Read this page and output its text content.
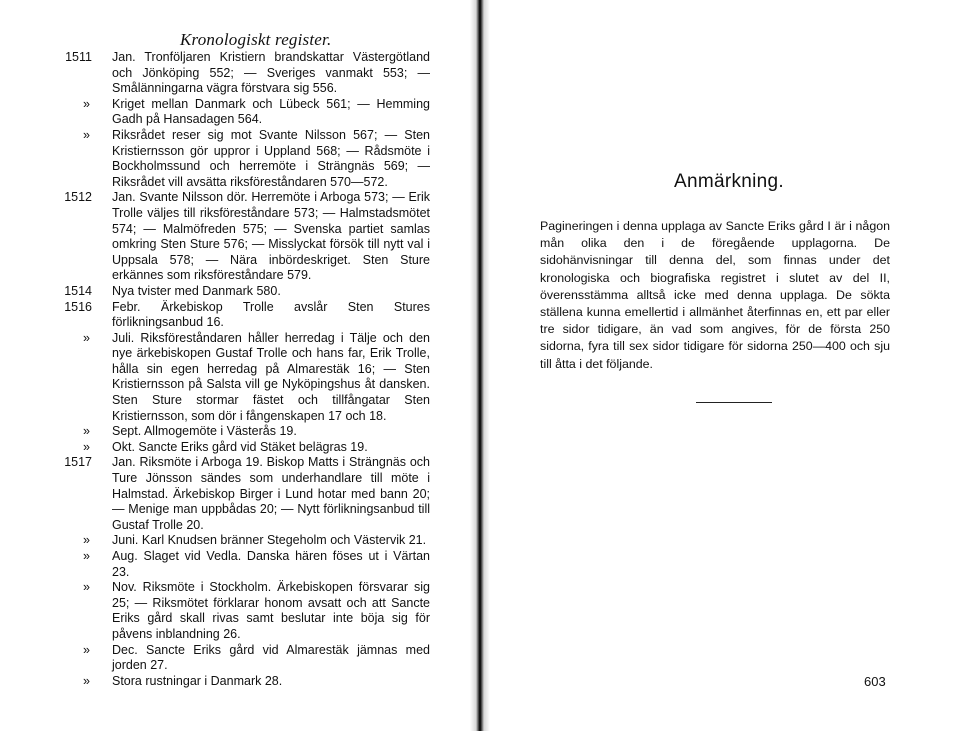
Kronologiskt register.
1511	Jan. Tronföljaren Kristiern brandskattar Västergötland och Jönköping 552; — Sveriges vanmakt 553; — Smålänningarna vägra förstvara sig 556.
»	Kriget mellan Danmark och Lübeck 561; — Hemming Gadh på Hansadagen 564.
»	Riksrådet reser sig mot Svante Nilsson 567; — Sten Kristiernsson gör uppror i Uppland 568; — Rådsmöte i Bockholmssund och herremöte i Strängnäs 569; — Riksrådet vill avsätta riksföreståndaren 570—572.
1512	Jan. Svante Nilsson dör. Herremöte i Arboga 573; — Erik Trolle väljes till riksföreståndare 573; — Halmstadsmötet 574; — Malmöfreden 575; — Svenska partiet samlas omkring Sten Sture 576; — Misslyckat försök till nytt val i Uppsala 578; — Nära inbördeskriget. Sten Sture erkännes som riksföreståndare 579.
1514	Nya tvister med Danmark 580.
1516	Febr. Ärkebiskop Trolle avslår Sten Stures förlikningsanbud 16.
»	Juli. Riksföreståndaren håller herredag i Tälje och den nye ärkebiskopen Gustaf Trolle och hans far, Erik Trolle, hålla sin egen herredag på Almarestäk 16; — Sten Kristiernsson på Salsta vill ge Nyköpingshus åt dansken. Sten Sture stormar fästet och tillfångatar Sten Kristiernsson, som dör i fångenskapen 17 och 18.
»	Sept. Allmogemöte i Västerås 19.
»	Okt. Sancte Eriks gård vid Stäket belägras 19.
1517	Jan. Riksmöte i Arboga 19. Biskop Matts i Strängnäs och Ture Jönsson sändes som underhandlare till möte i Halmstad. Ärkebiskop Birger i Lund hotar med bann 20; — Menige man uppbådas 20; — Nytt förlikningsanbud till Gustaf Trolle 20.
»	Juni. Karl Knudsen bränner Stegeholm och Västervik 21.
»	Aug. Slaget vid Vedla. Danska hären föses ut i Värtan 23.
»	Nov. Riksmöte i Stockholm. Ärkebiskopen försvarar sig 25; — Riksmötet förklarar honom avsatt och att Sancte Eriks gård skall rivas samt beslutar inte böja sig för påvens inblandning 26.
»	Dec. Sancte Eriks gård vid Almarestäk jämnas med jorden 27.
»	Stora rustningar i Danmark 28.
Anmärkning.
Pagineringen i denna upplaga av Sancte Eriks gård I är i någon mån olika den i de föregående upplagorna. De sidohänvisningar till denna del, som finnas under det kronologiska och biografiska registret i slutet av del II, överensstämma alltså icke med denna upplaga. De sökta ställena kunna emellertid i allmänhet återfinnas en, ett par eller tre sidor tidigare, än vad som angives, för de första 250 sidorna, fyra till sex sidor tidigare för sidorna 250—400 och sju till åtta i det följande.
603
